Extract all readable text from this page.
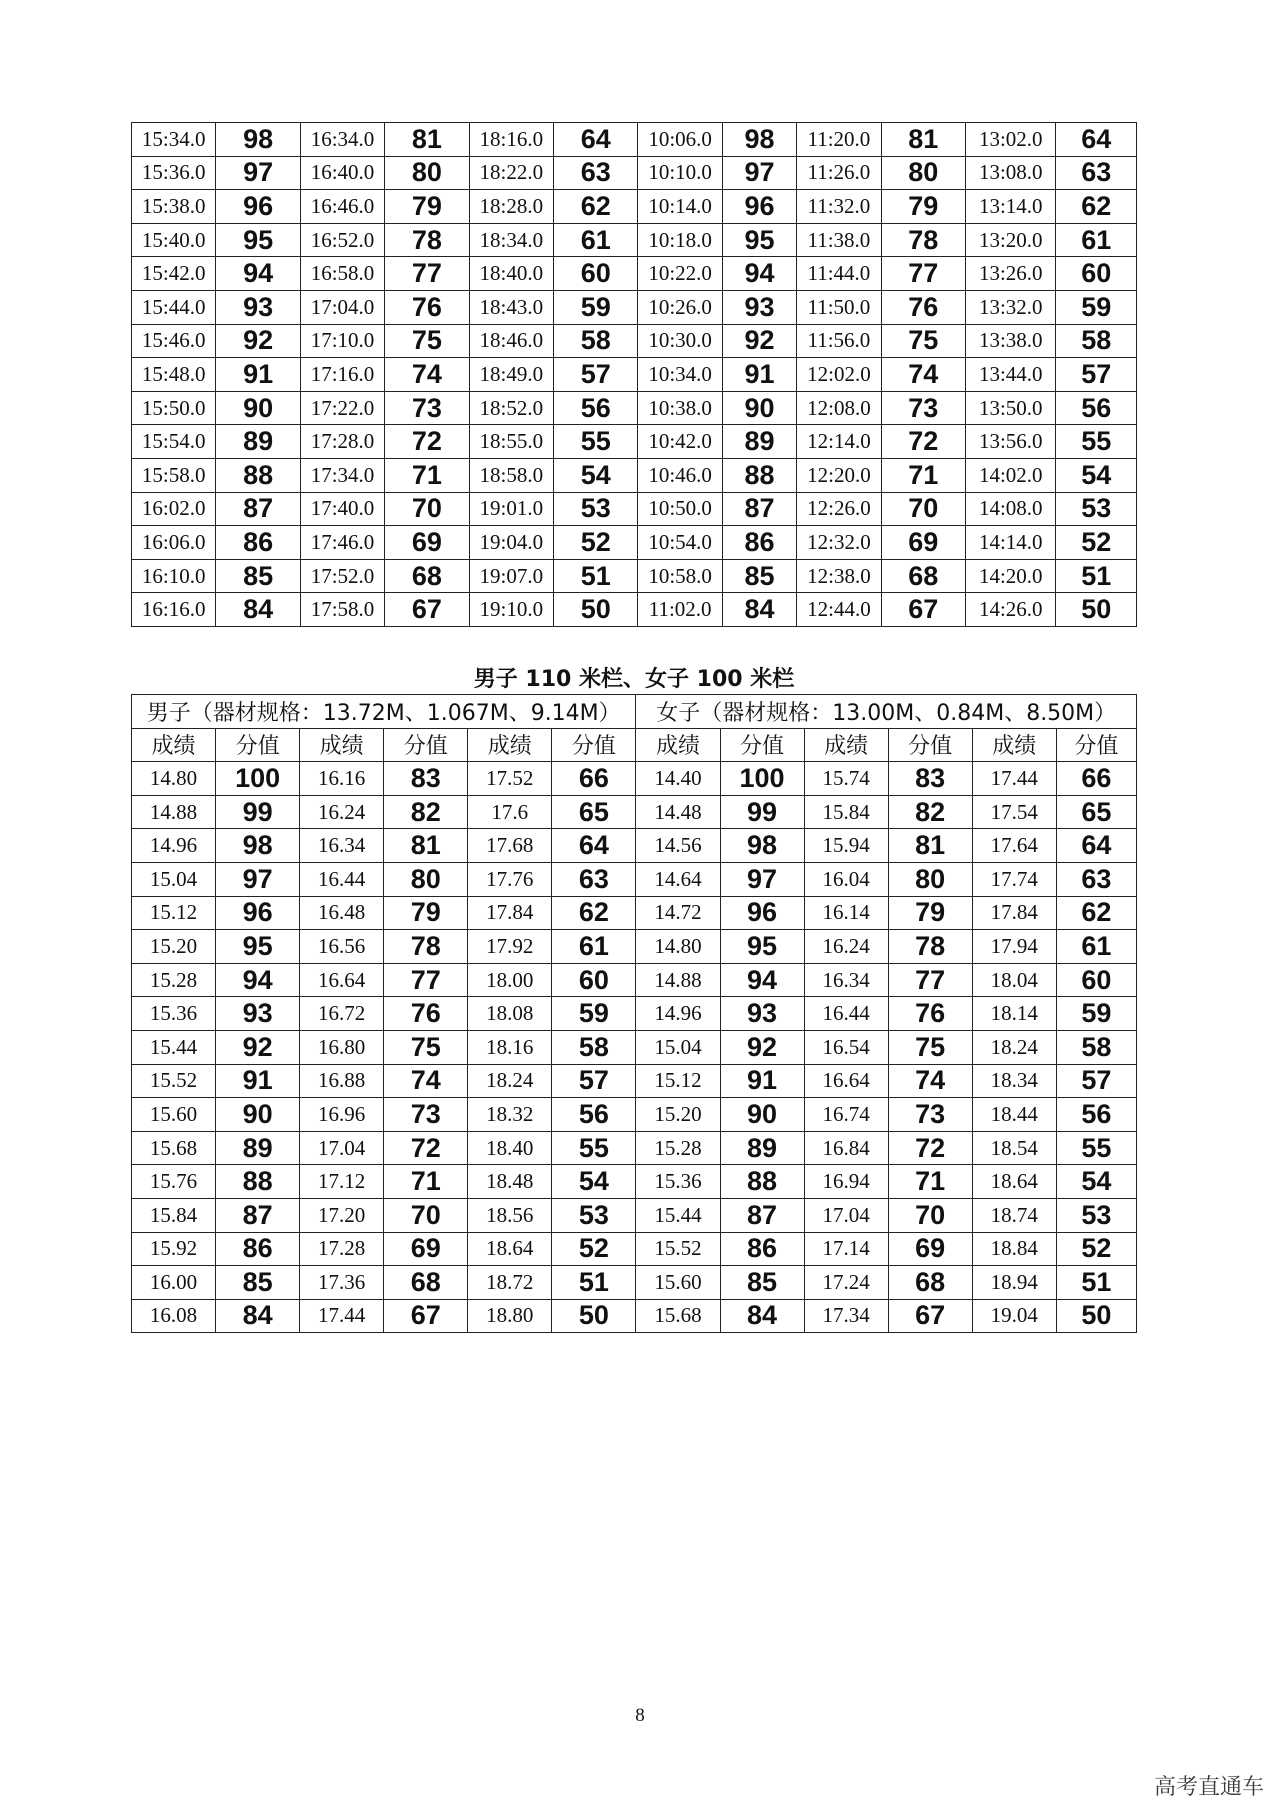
15:34.0	98	16:34.0	81	18:16.0	64	10:06.0	98	11:20.0	81	13:02.0	64
15:36.0	97	16:40.0	80	18:22.0	63	10:10.0	97	11:26.0	80	13:08.0	63
15:38.0	96	16:46.0	79	18:28.0	62	10:14.0	96	11:32.0	79	13:14.0	62
15:40.0	95	16:52.0	78	18:34.0	61	10:18.0	95	11:38.0	78	13:20.0	61
15:42.0	94	16:58.0	77	18:40.0	60	10:22.0	94	11:44.0	77	13:26.0	60
15:44.0	93	17:04.0	76	18:43.0	59	10:26.0	93	11:50.0	76	13:32.0	59
15:46.0	92	17:10.0	75	18:46.0	58	10:30.0	92	11:56.0	75	13:38.0	58
15:48.0	91	17:16.0	74	18:49.0	57	10:34.0	91	12:02.0	74	13:44.0	57
15:50.0	90	17:22.0	73	18:52.0	56	10:38.0	90	12:08.0	73	13:50.0	56
15:54.0	89	17:28.0	72	18:55.0	55	10:42.0	89	12:14.0	72	13:56.0	55
15:58.0	88	17:34.0	71	18:58.0	54	10:46.0	88	12:20.0	71	14:02.0	54
16:02.0	87	17:40.0	70	19:01.0	53	10:50.0	87	12:26.0	70	14:08.0	53
16:06.0	86	17:46.0	69	19:04.0	52	10:54.0	86	12:32.0	69	14:14.0	52
16:10.0	85	17:52.0	68	19:07.0	51	10:58.0	85	12:38.0	68	14:20.0	51
16:16.0	84	17:58.0	67	19:10.0	50	11:02.0	84	12:44.0	67	14:26.0	50
男子 110 米栏、女子 100 米栏
男子（器材规格：13.72M、1.067M、9.14M）						女子（器材规格：13.00M、0.84M、8.50M）					
成绩	分值	成绩	分值	成绩	分值	成绩	分值	成绩	分值	成绩	分值
14.80	100	16.16	83	17.52	66	14.40	100	15.74	83	17.44	66
14.88	99	16.24	82	17.6	65	14.48	99	15.84	82	17.54	65
14.96	98	16.34	81	17.68	64	14.56	98	15.94	81	17.64	64
15.04	97	16.44	80	17.76	63	14.64	97	16.04	80	17.74	63
15.12	96	16.48	79	17.84	62	14.72	96	16.14	79	17.84	62
15.20	95	16.56	78	17.92	61	14.80	95	16.24	78	17.94	61
15.28	94	16.64	77	18.00	60	14.88	94	16.34	77	18.04	60
15.36	93	16.72	76	18.08	59	14.96	93	16.44	76	18.14	59
15.44	92	16.80	75	18.16	58	15.04	92	16.54	75	18.24	58
15.52	91	16.88	74	18.24	57	15.12	91	16.64	74	18.34	57
15.60	90	16.96	73	18.32	56	15.20	90	16.74	73	18.44	56
15.68	89	17.04	72	18.40	55	15.28	89	16.84	72	18.54	55
15.76	88	17.12	71	18.48	54	15.36	88	16.94	71	18.64	54
15.84	87	17.20	70	18.56	53	15.44	87	17.04	70	18.74	53
15.92	86	17.28	69	18.64	52	15.52	86	17.14	69	18.84	52
16.00	85	17.36	68	18.72	51	15.60	85	17.24	68	18.94	51
16.08	84	17.44	67	18.80	50	15.68	84	17.34	67	19.04	50
8
高考直通车
